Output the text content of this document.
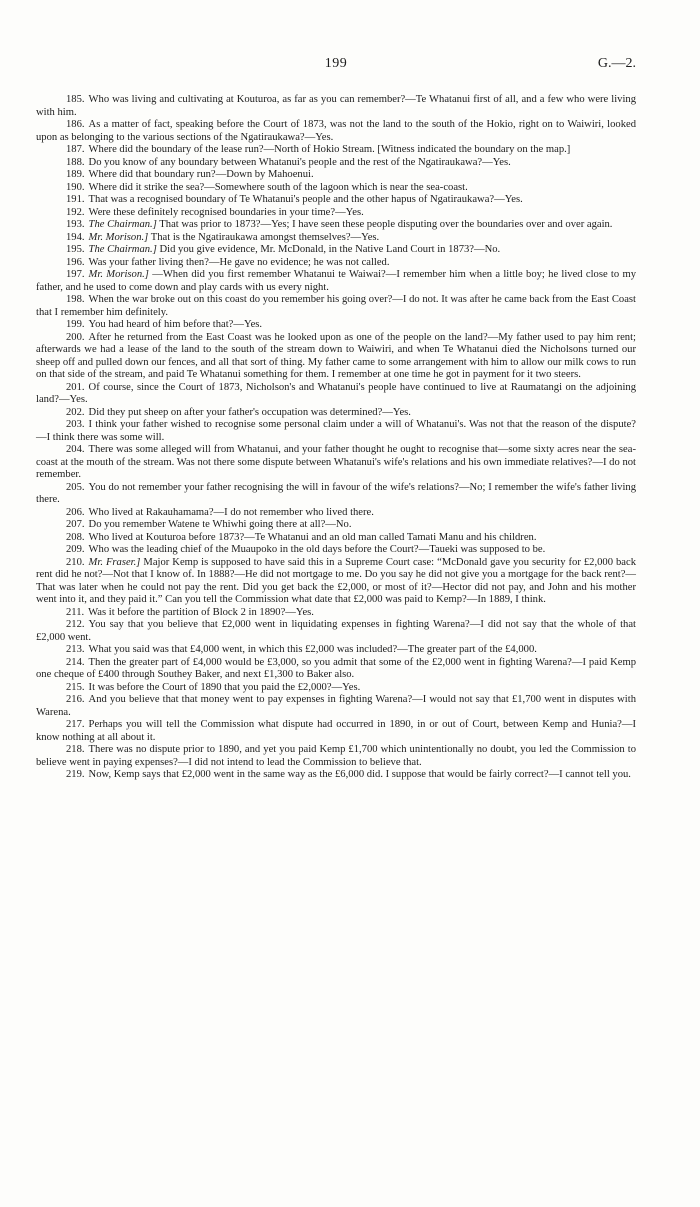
199	G.—2.

185. Who was living and cultivating at Kouturoa, as far as you can remember?—Te Whatanui first of all, and a few who were living with him.

186. As a matter of fact, speaking before the Court of 1873, was not the land to the south of the Hokio, right on to Waiwiri, looked upon as belonging to the various sections of the Ngatiraukawa?—Yes.

187. Where did the boundary of the lease run?—North of Hokio Stream. [Witness indicated the boundary on the map.]

188. Do you know of any boundary between Whatanui's people and the rest of the Ngatiraukawa?—Yes.

189. Where did that boundary run?—Down by Mahoenui.

190. Where did it strike the sea?—Somewhere south of the lagoon which is near the sea-coast.

191. That was a recognised boundary of Te Whatanui's people and the other hapus of Ngatiraukawa?—Yes.

192. Were these definitely recognised boundaries in your time?—Yes.

193. The Chairman.] That was prior to 1873?—Yes; I have seen these people disputing over the boundaries over and over again.

194. Mr. Morison.] That is the Ngatiraukawa amongst themselves?—Yes.

195. The Chairman.] Did you give evidence, Mr. McDonald, in the Native Land Court in 1873?—No.

196. Was your father living then?—He gave no evidence; he was not called.

197. Mr. Morison.] —When did you first remember Whatanui te Waiwai?—I remember him when a little boy; he lived close to my father, and he used to come down and play cards with us every night.

198. When the war broke out on this coast do you remember his going over?—I do not. It was after he came back from the East Coast that I remember him definitely.

199. You had heard of him before that?—Yes.

200. After he returned from the East Coast was he looked upon as one of the people on the land?—My father used to pay him rent; afterwards we had a lease of the land to the south of the stream down to Waiwiri, and when Te Whatanui died the Nicholsons turned our sheep off and pulled down our fences, and all that sort of thing. My father came to some arrangement with him to allow our milk cows to run on that side of the stream, and paid Te Whatanui something for them. I remember at one time he got in payment for it two steers.

201. Of course, since the Court of 1873, Nicholson's and Whatanui's people have continued to live at Raumatangi on the adjoining land?—Yes.

202. Did they put sheep on after your father's occupation was determined?—Yes.

203. I think your father wished to recognise some personal claim under a will of Whatanui's. Was not that the reason of the dispute?—I think there was some will.

204. There was some alleged will from Whatanui, and your father thought he ought to recognise that—some sixty acres near the sea-coast at the mouth of the stream. Was not there some dispute between Whatanui's wife's relations and his own immediate relatives?—I do not remember.

205. You do not remember your father recognising the will in favour of the wife's relations?—No; I remember the wife's father living there.

206. Who lived at Rakauhamama?—I do not remember who lived there.

207. Do you remember Watene te Whiwhi going there at all?—No.

208. Who lived at Kouturoa before 1873?—Te Whatanui and an old man called Tamati Manu and his children.

209. Who was the leading chief of the Muaupoko in the old days before the Court?—Taueki was supposed to be.

210. Mr. Fraser.] Major Kemp is supposed to have said this in a Supreme Court case: “McDonald gave you security for £2,000 back rent did he not?—Not that I know of. In 1888?—He did not mortgage to me. Do you say he did not give you a mortgage for the back rent?—That was later when he could not pay the rent. Did you get back the £2,000, or most of it?—Hector did not pay, and John and his mother went into it, and they paid it.” Can you tell the Commission what date that £2,000 was paid to Kemp?—In 1889, I think.

211. Was it before the partition of Block 2 in 1890?—Yes.

212. You say that you believe that £2,000 went in liquidating expenses in fighting Warena?—I did not say that the whole of that £2,000 went.

213. What you said was that £4,000 went, in which this £2,000 was included?—The greater part of the £4,000.

214. Then the greater part of £4,000 would be £3,000, so you admit that some of the £2,000 went in fighting Warena?—I paid Kemp one cheque of £400 through Southey Baker, and next £1,300 to Baker also.

215. It was before the Court of 1890 that you paid the £2,000?—Yes.

216. And you believe that that money went to pay expenses in fighting Warena?—I would not say that £1,700 went in disputes with Warena.

217. Perhaps you will tell the Commission what dispute had occurred in 1890, in or out of Court, between Kemp and Hunia?—I know nothing at all about it.

218. There was no dispute prior to 1890, and yet you paid Kemp £1,700 which unintentionally no doubt, you led the Commission to believe went in paying expenses?—I did not intend to lead the Commission to believe that.

219. Now, Kemp says that £2,000 went in the same way as the £6,000 did. I suppose that would be fairly correct?—I cannot tell you.
